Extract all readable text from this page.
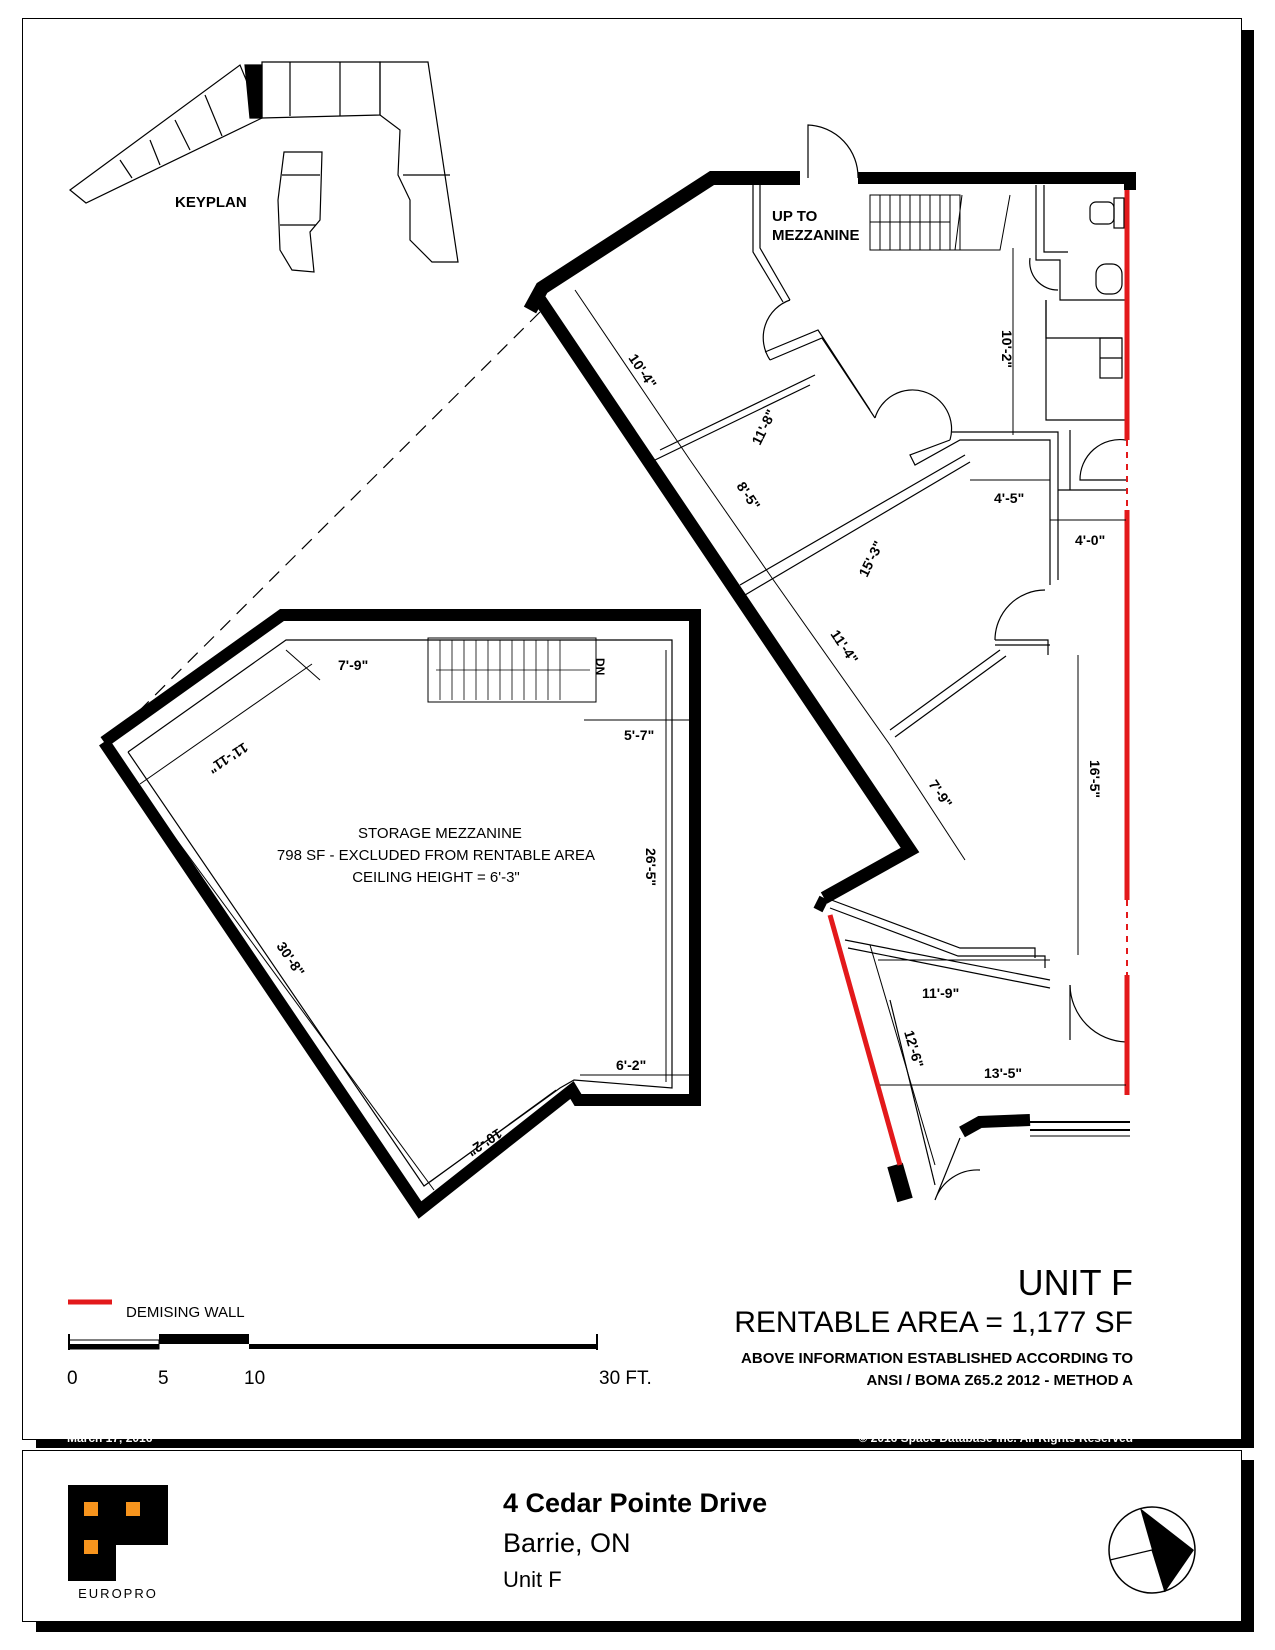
KEYPLAN
UP TO
MEZZANINE
10'-4"
11'-8"
10'-2"
8'-5"	4'-5"
4'-0"
15'-3"
11'-4"
16'-5"
7'-9"
11'-9"
12'-6"
13'-5"
7'-9"
11'-11"
5'-7"
26'-5"
30'-8"
6'-2"
10'-2"
STORAGE MEZZANINE
798 SF - EXCLUDED FROM RENTABLE AREA
CEILING HEIGHT = 6'-3"
DN
DEMISING WALL
0	5	10	30 FT.
UNIT F
RENTABLE AREA = 1,177 SF
ABOVE INFORMATION ESTABLISHED ACCORDING TO
ANSI / BOMA Z65.2 2012 - METHOD A
March 17, 2016	© 2016 Space Database Inc. All Rights Reserved
4 Cedar Pointe Drive
Barrie, ON
Unit F
EUROPRO
